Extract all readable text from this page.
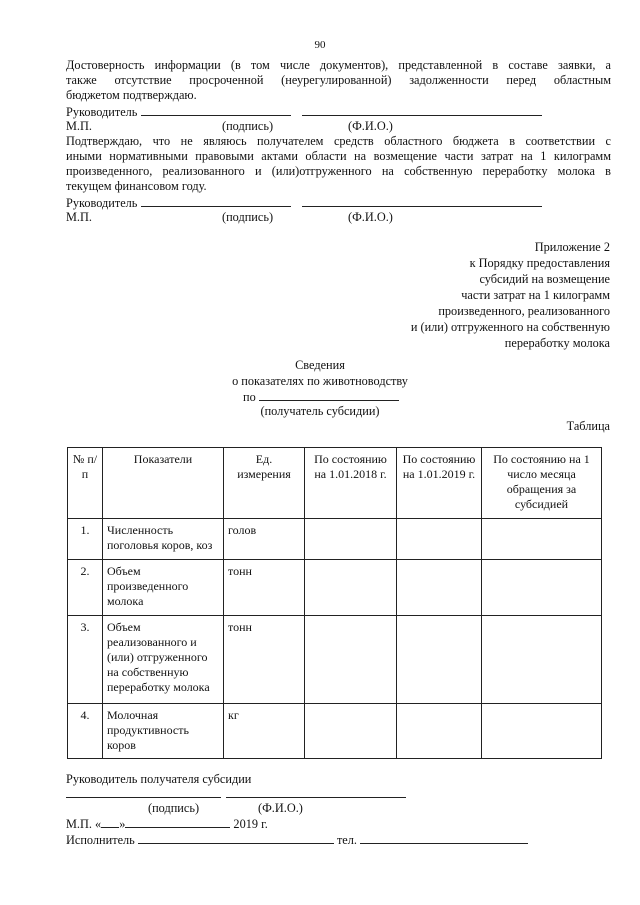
90
Достоверность информации (в том числе документов), представленной в составе заявки, а
также отсутствие просроченной (неурегулированной) задолженности перед областным
бюджетом подтверждаю.
Руководитель
М.П.	(подпись)	(Ф.И.О.)
Подтверждаю, что не являюсь получателем средств областного бюджета в соответствии с
иными нормативными правовыми актами области на возмещение части затрат на 1 килограмм
произведенного, реализованного и (или)отгруженного на собственную переработку молока в
текущем финансовом году.
Руководитель
М.П.	(подпись)	(Ф.И.О.)
Приложение 2
к Порядку предоставления
субсидий на возмещение
части затрат на 1 килограмм
произведенного, реализованного
и (или) отгруженного на собственную
переработку молока
Сведения
о показателях по животноводству
по
(получатель субсидии)
Таблица
№ п/п	Показатели	Ед. измерения	По состоянию на 1.01.2018 г.	По состоянию на 1.01.2019 г.	По состоянию на 1 число месяца обращения за субсидией
1.	Численность поголовья коров, коз	голов			
2.	Объем произведенного молока	тонн			
3.	Объем реализованного и (или) отгруженного на собственную переработку молока	тонн			
4.	Молочная продуктивность коров	кг			
Руководитель получателя субсидии
(подпись)	(Ф.И.О.)
М.П. « »	2019 г.
Исполнитель	тел.
